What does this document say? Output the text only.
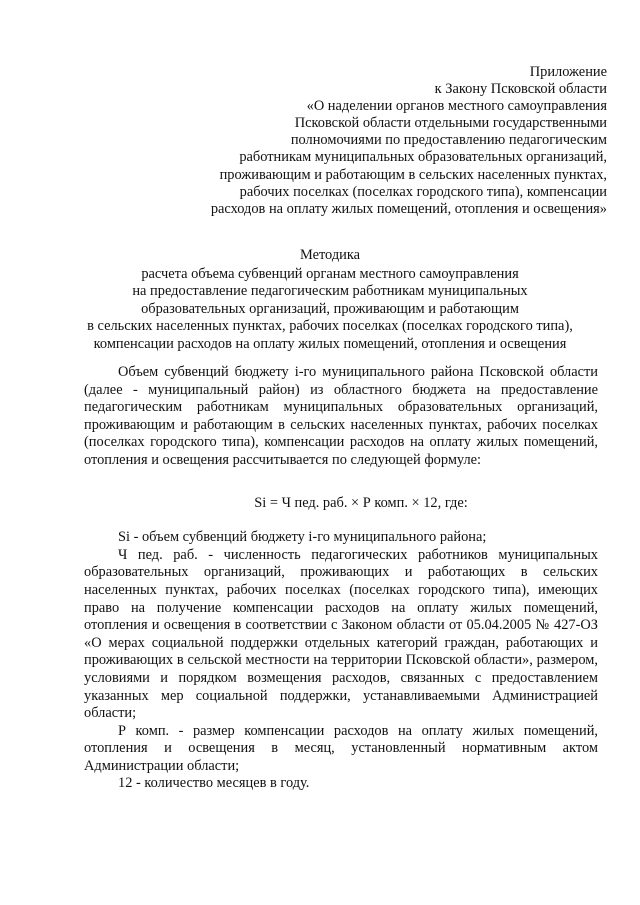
Приложение
к Закону Псковской области
«О наделении органов местного самоуправления
Псковской области отдельными государственными
полномочиями по предоставлению педагогическим
работникам муниципальных образовательных организаций,
проживающим и работающим в сельских населенных пунктах,
рабочих поселках (поселках городского типа), компенсации
расходов на оплату жилых помещений, отопления и освещения»
Методика
расчета объема субвенций органам местного самоуправления
на предоставление педагогическим работникам муниципальных
образовательных организаций, проживающим и работающим
в сельских населенных пунктах, рабочих поселках (поселках городского типа),
компенсации расходов на оплату жилых помещений, отопления и освещения

Объем субвенций бюджету i-го муниципального района Псковской области (далее - муниципальный район) из областного бюджета на предоставление педагогическим работникам муниципальных образовательных организаций, проживающим и работающим в сельских населенных пунктах, рабочих поселках (поселках городского типа), компенсации расходов на оплату жилых помещений, отопления и освещения рассчитывается по следующей формуле:

Si = Ч пед. раб. × Р комп. × 12, где:

Si - объем субвенций бюджету i-го муниципального района;

Ч пед. раб. - численность педагогических работников муниципальных образовательных организаций, проживающих и работающих в сельских населенных пунктах, рабочих поселках (поселках городского типа), имеющих право на получение компенсации расходов на оплату жилых помещений, отопления и освещения в соответствии с Законом области от 05.04.2005 № 427-ОЗ «О мерах социальной поддержки отдельных категорий граждан, работающих и проживающих в сельской местности на территории Псковской области», размером, условиями и порядком возмещения расходов, связанных с предоставлением указанных мер социальной поддержки, устанавливаемыми Администрацией области;

Р комп. - размер компенсации расходов на оплату жилых помещений, отопления и освещения в месяц, установленный нормативным актом Администрации области;

12 - количество месяцев в году.
